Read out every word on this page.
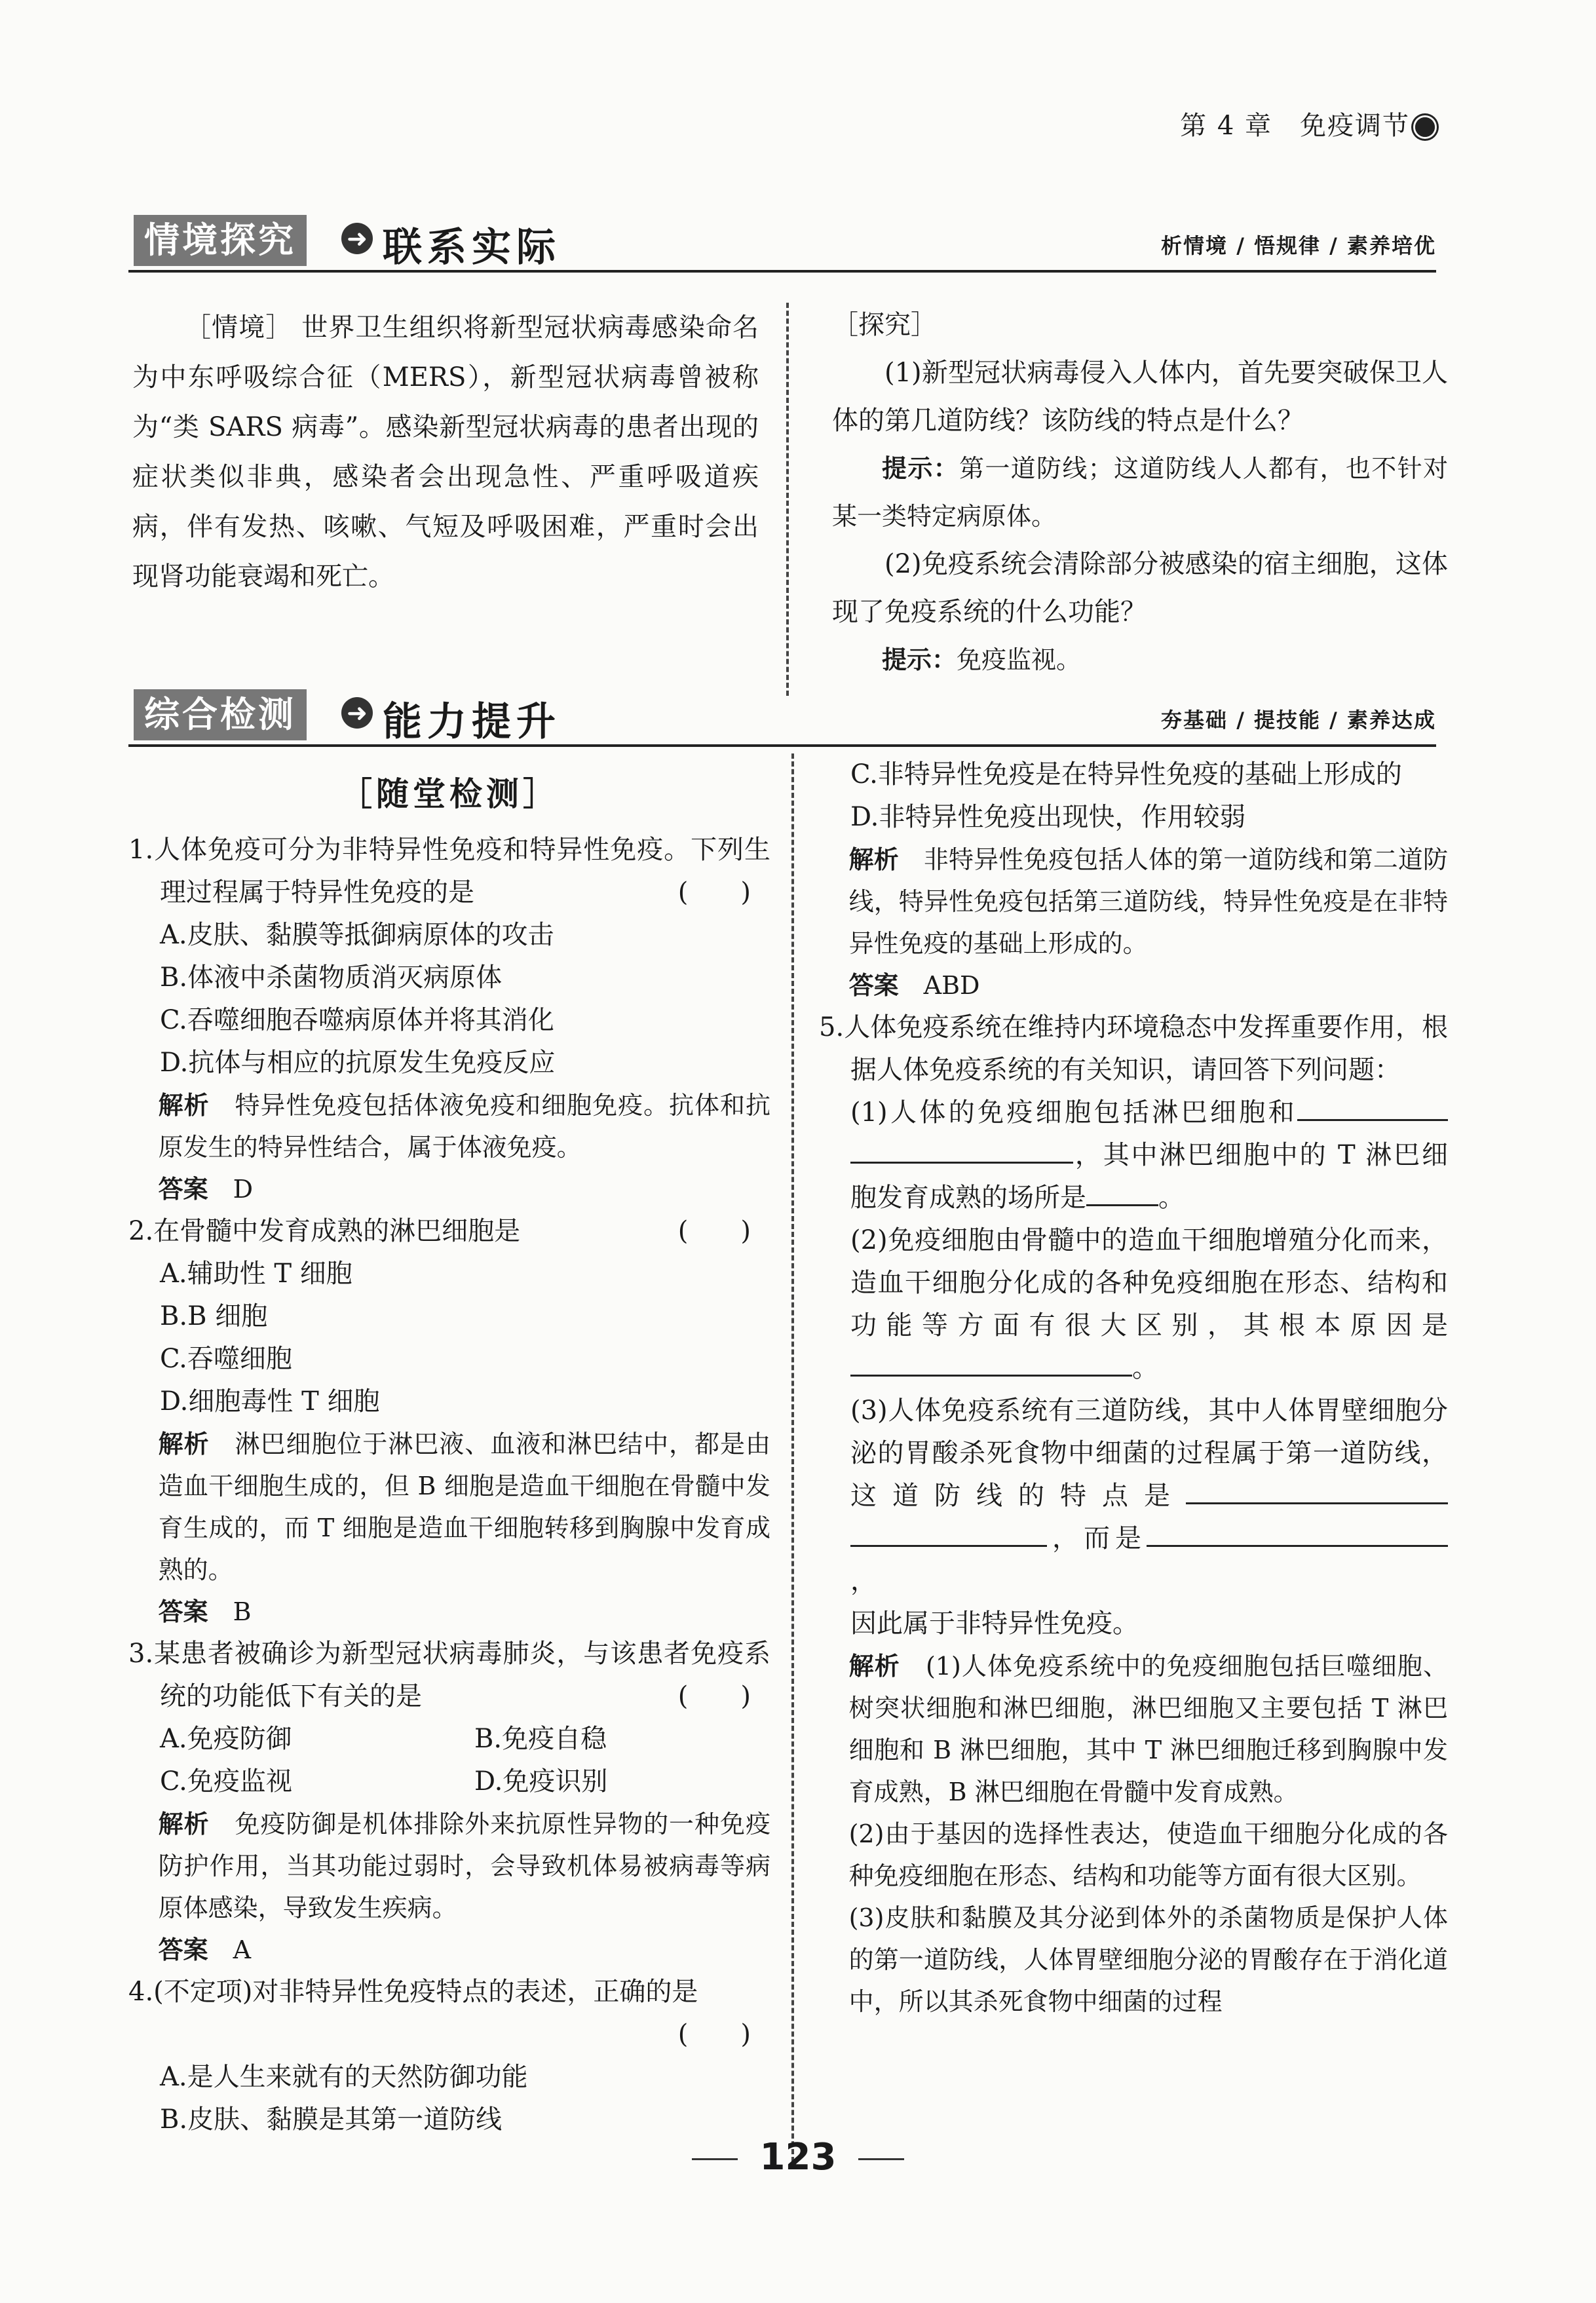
第 4 章　免疫调节
情境探究	➜ 联系实际	析情境 / 悟规律 / 素养培优
［情境］ 世界卫生组织将新型冠状病毒感染命名为中东呼吸综合征（MERS），新型冠状病毒曾被称为“类 SARS 病毒”。感染新型冠状病毒的患者出现的症状类似非典，感染者会出现急性、严重呼吸道疾病，伴有发热、咳嗽、气短及呼吸困难，严重时会出现肾功能衰竭和死亡。

［探究］

(1)新型冠状病毒侵入人体内，首先要突破保卫人体的第几道防线？该防线的特点是什么？

提示：第一道防线；这道防线人人都有，也不针对某一类特定病原体。

(2)免疫系统会清除部分被感染的宿主细胞，这体现了免疫系统的什么功能？

提示：免疫监视。

综合检测	➜ 能力提升	夯基础 / 提技能 / 素养达成
［随堂检测］

1.人体免疫可分为非特异性免疫和特异性免疫。下列生理过程属于特异性免疫的是	(　　)

A.皮肤、黏膜等抵御病原体的攻击

B.体液中杀菌物质消灭病原体

C.吞噬细胞吞噬病原体并将其消化

D.抗体与相应的抗原发生免疫反应

解析　 特异性免疫包括体液免疫和细胞免疫。抗体和抗原发生的特异性结合，属于体液免疫。

答案　 D

2.在骨髓中发育成熟的淋巴细胞是	(　　)

A.辅助性 T 细胞

B.B 细胞

C.吞噬细胞

D.细胞毒性 T 细胞

解析　 淋巴细胞位于淋巴液、血液和淋巴结中，都是由造血干细胞生成的，但 B 细胞是造血干细胞在骨髓中发育生成的，而 T 细胞是造血干细胞转移到胸腺中发育成熟的。

答案　 B

3.某患者被确诊为新型冠状病毒肺炎，与该患者免疫系统的功能低下有关的是	(　　)

A.免疫防御	B.免疫自稳

C.免疫监视	D.免疫识别

解析　 免疫防御是机体排除外来抗原性异物的一种免疫防护作用，当其功能过弱时，会导致机体易被病毒等病原体感染，导致发生疾病。

答案　 A

4.(不定项)对非特异性免疫特点的表述，正确的是

(　　)

A.是人生来就有的天然防御功能

B.皮肤、黏膜是其第一道防线

C.非特异性免疫是在特异性免疫的基础上形成的

D.非特异性免疫出现快，作用较弱

解析　 非特异性免疫包括人体的第一道防线和第二道防线，特异性免疫包括第三道防线，特异性免疫是在非特异性免疫的基础上形成的。

答案　 ABD

5.人体免疫系统在维持内环境稳态中发挥重要作用，根据人体免疫系统的有关知识，请回答下列问题：

(1)人体的免疫细胞包括淋巴细胞和，其中淋巴细胞中的 T 淋巴细胞发育成熟的场所是	。

(2)免疫细胞由骨髓中的造血干细胞增殖分化而来，造血干细胞分化成的各种免疫细胞在形态、结构和功能等方面有很大区别，其根本原因是。

(3)人体免疫系统有三道防线，其中人体胃壁细胞分泌的胃酸杀死食物中细菌的过程属于第一道防线，这道防线的特点是，而是，

因此属于非特异性免疫。

解析　 (1)人体免疫系统中的免疫细胞包括巨噬细胞、树突状细胞和淋巴细胞，淋巴细胞又主要包括 T 淋巴细胞和 B 淋巴细胞，其中 T 淋巴细胞迁移到胸腺中发育成熟，B 淋巴细胞在骨髓中发育成熟。

(2)由于基因的选择性表达，使造血干细胞分化成的各种免疫细胞在形态、结构和功能等方面有很大区别。

(3)皮肤和黏膜及其分泌到体外的杀菌物质是保护人体的第一道防线，人体胃壁细胞分泌的胃酸存在于消化道中，所以其杀死食物中细菌的过程

123
